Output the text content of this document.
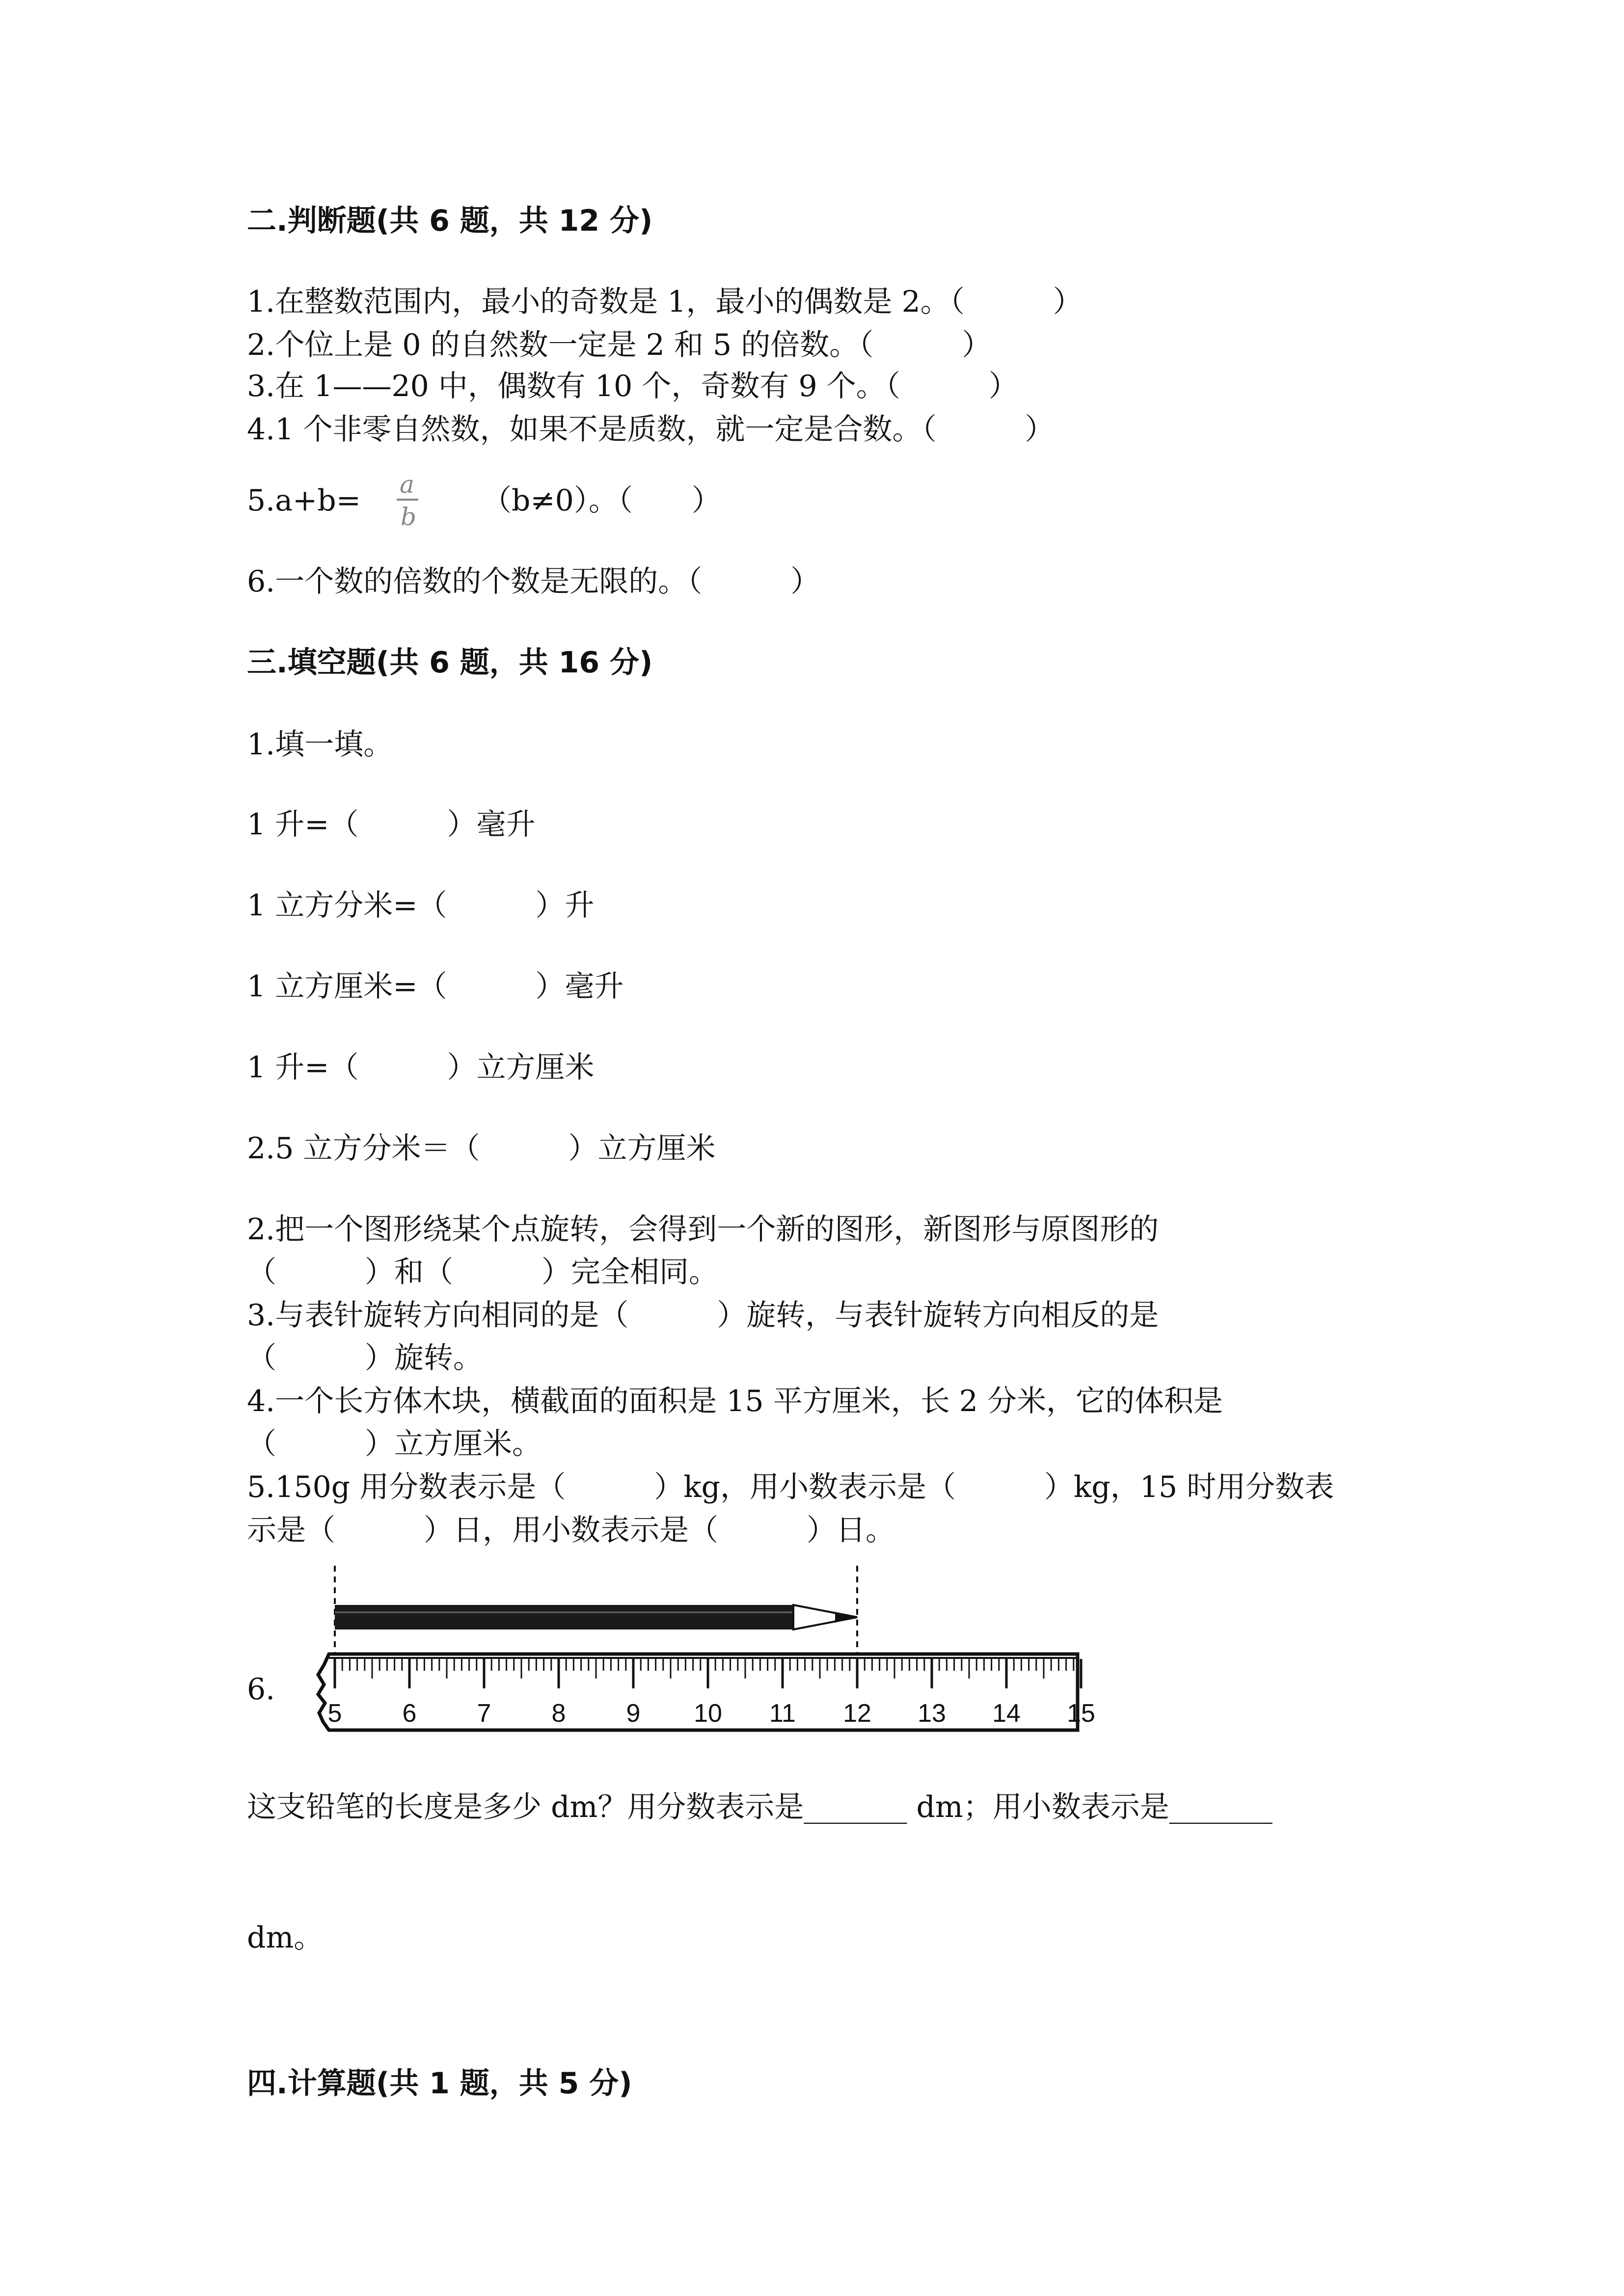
二.判断题(共 6 题，共 12 分)
1.在整数范围内，最小的奇数是 1，最小的偶数是 2。（　　　）
2.个位上是 0 的自然数一定是 2 和 5 的倍数。（　　　）
3.在 1——20 中，偶数有 10 个，奇数有 9 个。（　　　）
4.1 个非零自然数，如果不是质数，就一定是合数。（　　　）
5.a+b= a
b （b≠0）。（　　）
6.一个数的倍数的个数是无限的。（　　　）
三.填空题(共 6 题，共 16 分)
1.填一填。
1 升=（　　　）毫升
1 立方分米=（　　　）升
1 立方厘米=（　　　）毫升
1 升=（　　　）立方厘米
2.5 立方分米＝（　　　）立方厘米
2.把一个图形绕某个点旋转，会得到一个新的图形，新图形与原图形的
（　　　）和（　　　）完全相同。
3.与表针旋转方向相同的是（　　　）旋转，与表针旋转方向相反的是
（　　　）旋转。
4.一个长方体木块，横截面的面积是 15 平方厘米，长 2 分米，它的体积是
（　　　）立方厘米。
5.150g 用分数表示是（　　　）kg，用小数表示是（　　　）kg，15 时用分数表
示是（　　　）日，用小数表示是（　　　）日。
6.
5 6 7 8 9 10 11 12 13 14 15
这支铅笔的长度是多少 dm？用分数表示是_______ dm；用小数表示是_______
dm。
四.计算题(共 1 题，共 5 分)
